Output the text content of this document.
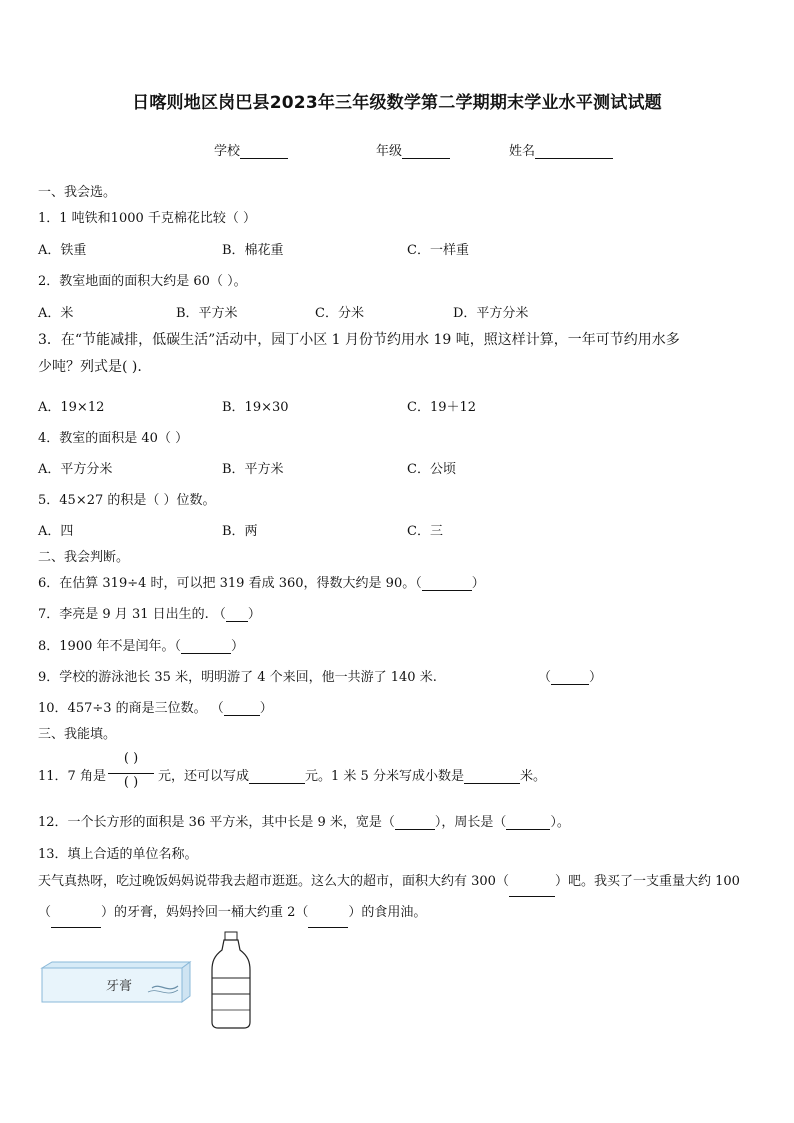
日喀则地区岗巴县2023年三年级数学第二学期期末学业水平测试试题
学校	年级	姓名
一、我会选。
1．1 吨铁和1000 千克棉花比较（ ）
A．铁重	B．棉花重	C．一样重
2．教室地面的面积大约是 60（ ）。
A．米	B．平方米	C．分米	D．平方分米
3．在“节能减排，低碳生活”活动中，园丁小区 1 月份节约用水 19 吨，照这样计算，一年可节约用水多
少吨？列式是( ).
A．19×12	B．19×30	C．19＋12
4．教室的面积是 40（ ）
A．平方分米	B．平方米	C．公顷
5．45×27 的积是（ ）位数。
A．四	B．两	C．三
二、我会判断。
6．在估算 319÷4 时，可以把 319 看成 360，得数大约是 90。（	）
7．李亮是 9 月 31 日出生的. （ ）
8．1900 年不是闰年。（	）
9．学校的游泳池长 35 米，明明游了 4 个来回，他一共游了 140 米.	（	）
10．457÷3 的商是三位数。 （	）
三、我能填。
11．7 角是
( )
( )	元，还可以写成	元。1 米 5 分米写成小数是	米。
12．一个长方形的面积是 36 平方米，其中长是 9 米，宽是（	），周长是（	）。
13．填上合适的单位名称。
天气真热呀，吃过晚饭妈妈说带我去超市逛逛。这么大的超市，面积大约有 300（	）吧。我买了一支重量大约 100
（	）的牙膏，妈妈拎回一桶大约重 2（	）的食用油。
牙膏
